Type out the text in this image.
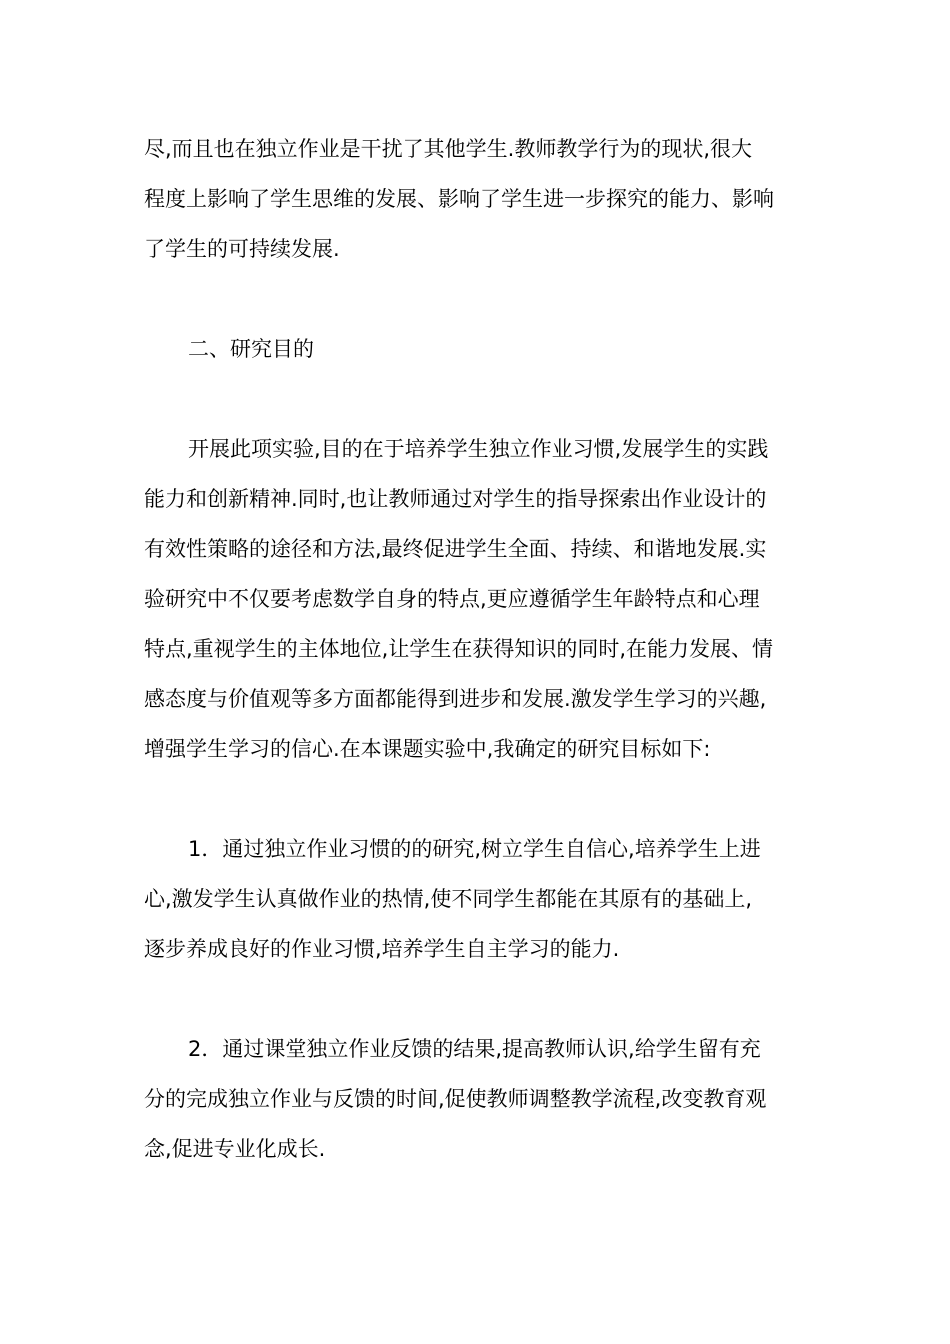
尽,而且也在独立作业是干扰了其他学生.教师教学行为的现状,很大
程度上影响了学生思维的发展、影响了学生进一步探究的能力、影响
了学生的可持续发展.
二、研究目的
开展此项实验,目的在于培养学生独立作业习惯,发展学生的实践
能力和创新精神.同时,也让教师通过对学生的指导探索出作业设计的
有效性策略的途径和方法,最终促进学生全面、持续、和谐地发展.实
验研究中不仅要考虑数学自身的特点,更应遵循学生年龄特点和心理
特点,重视学生的主体地位,让学生在获得知识的同时,在能力发展、情
感态度与价值观等多方面都能得到进步和发展.激发学生学习的兴趣,
增强学生学习的信心.在本课题实验中,我确定的研究目标如下:
1．通过独立作业习惯的的研究,树立学生自信心,培养学生上进
心,激发学生认真做作业的热情,使不同学生都能在其原有的基础上,
逐步养成良好的作业习惯,培养学生自主学习的能力.
2．通过课堂独立作业反馈的结果,提高教师认识,给学生留有充
分的完成独立作业与反馈的时间,促使教师调整教学流程,改变教育观
念,促进专业化成长.
